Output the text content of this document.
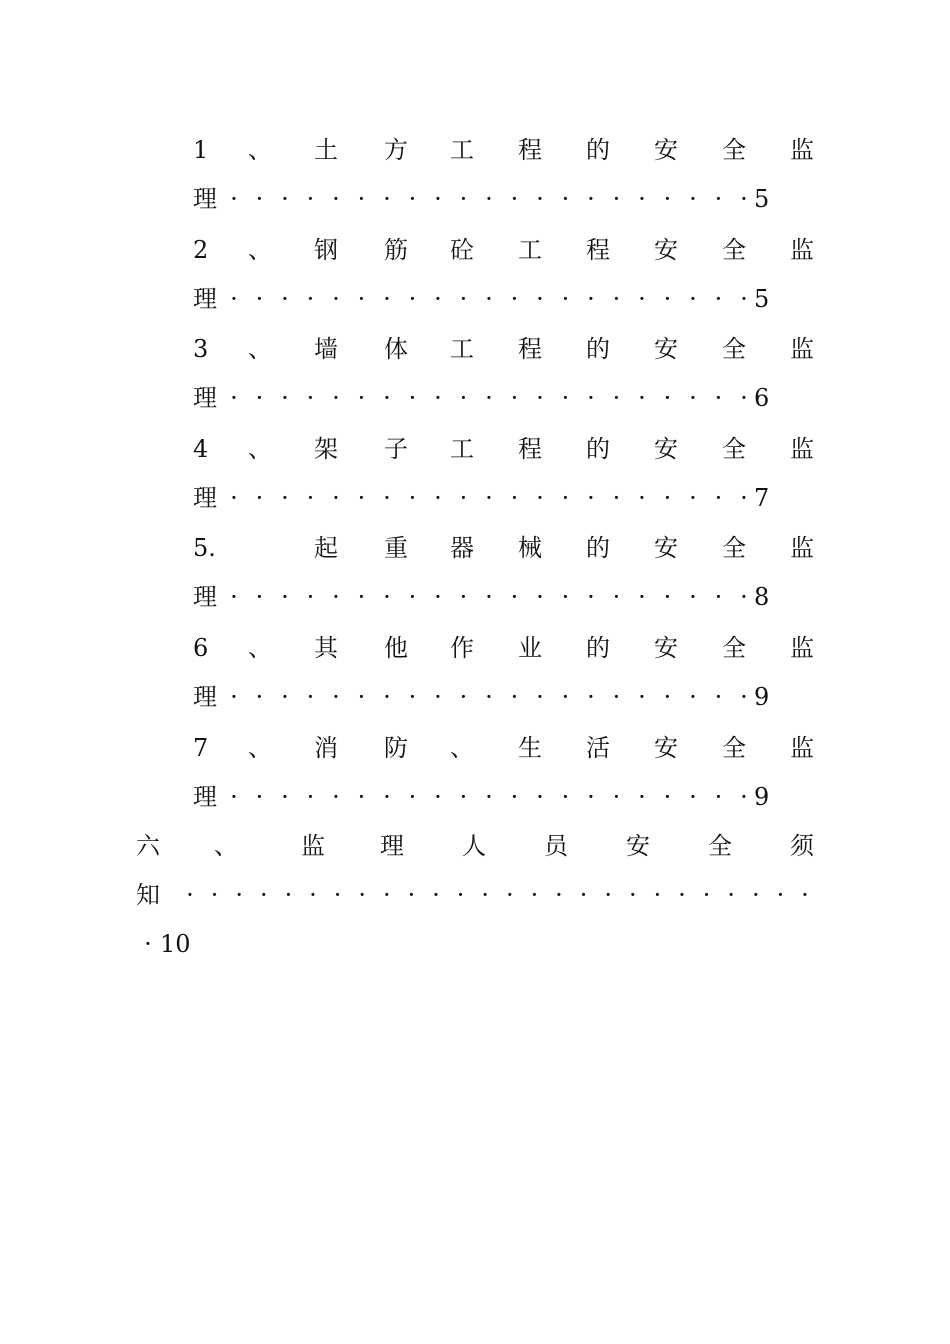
1 、 土 方 工 程 的 安 全 监
理 · · · · · · · · · · · · · · · · · · · · · 5
2 、 钢 筋 砼 工 程 安 全 监
理 · · · · · · · · · · · · · · · · · · · · · 5
3 、 墙 体 工 程 的 安 全 监
理 · · · · · · · · · · · · · · · · · · · · · 6
4 、 架 子 工 程 的 安 全 监
理 · · · · · · · · · · · · · · · · · · · · · 7
5.	起 重 器 械 的 安 全 监
理 · · · · · · · · · · · · · · · · · · · · · 8
6 、 其 他 作 业 的 安 全 监
理 · · · · · · · · · · · · · · · · · · · · · 9
7 、 消 防 、 生 活 安 全 监
理 · · · · · · · · · · · · · · · · · · · · · 9
六 、	监 理 人 员 安 全 须
知 · · · · · · · · · · · · · · · · · · · · · · · · · ·
· 10
